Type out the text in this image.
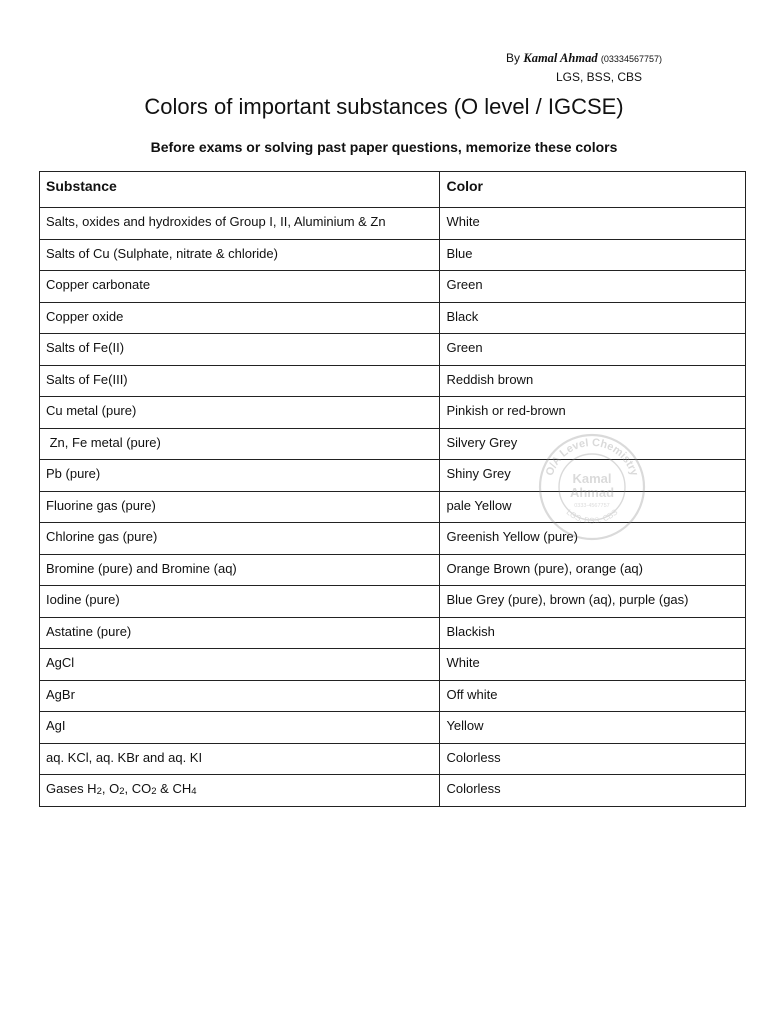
By Kamal Ahmad (03334567757)
LGS, BSS, CBS
Colors of important substances (O level / IGCSE)
Before exams or solving past paper questions, memorize these colors
Substance	Color
Salts, oxides and hydroxides of Group I, II, Aluminium & Zn	White
Salts of Cu (Sulphate, nitrate & chloride)	Blue
Copper carbonate	Green
Copper oxide	Black
Salts of Fe(II)	Green
Salts of Fe(III)	Reddish brown
Cu metal (pure)	Pinkish or red-brown
Zn, Fe metal (pure)	Silvery Grey
Pb (pure)	Shiny Grey
Fluorine gas (pure)	pale Yellow
Chlorine gas (pure)	Greenish Yellow (pure)
Bromine (pure) and Bromine (aq)	Orange Brown (pure), orange (aq)
Iodine (pure)	Blue Grey (pure), brown (aq), purple (gas)
Astatine (pure)	Blackish
AgCl	White
AgBr	Off white
AgI	Yellow
aq. KCl, aq. KBr and aq. KI	Colorless
Gases $H_2$, $O_2$, $CO_2$ & $CH_4$	Colorless
O/A Level Chemistry
LGS, BSS, CBS
Kamal
Ahmad
0333-4567757
